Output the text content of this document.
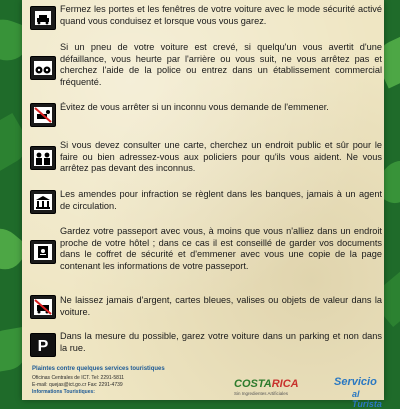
Fermez les portes et les fenêtres de votre voiture avec le mode sécurité activé quand vous conduisez et lorsque vous vous garez.
Si un pneu de votre voiture est crevé, si quelqu'un vous avertit d'une défaillance, vous heurte par l'arrière ou vous suit, ne vous arrêtez pas et cherchez l'aide de la police ou entrez dans un établissement commercial fréquenté.
Évitez de vous arrêter si un inconnu vous demande de l'emmener.
Si vous devez consulter une carte, cherchez un endroit public et sûr pour le faire ou bien adressez-vous aux policiers pour qu'ils vous aident. Ne vous arrêtez pas devant des inconnus.
Les amendes pour infraction se règlent dans les banques, jamais à un agent de circulation.
Gardez votre passeport avec vous, à moins que vous n'alliez dans un endroit proche de votre hôtel ; dans ce cas il est conseillé de garder vos documents dans le coffret de sécurité et d'emmener avec vous une copie de la page contenant les informations de votre passeport.
Ne laissez jamais d'argent, cartes bleues, valises ou objets de valeur dans la voiture.
P
Dans la mesure du possible, garez votre voiture dans un parking et non dans la rue.
Plaintes contre quelques services touristiques
Oficinas Centrales de ICT. Tel: 2291-5811
E-mail: quejas@ict.go.cr Fax: 2291-4739
Informations Touristiques:
COSTARICA
Sin Ingredientes Artificiales
Servicio
al Turista
